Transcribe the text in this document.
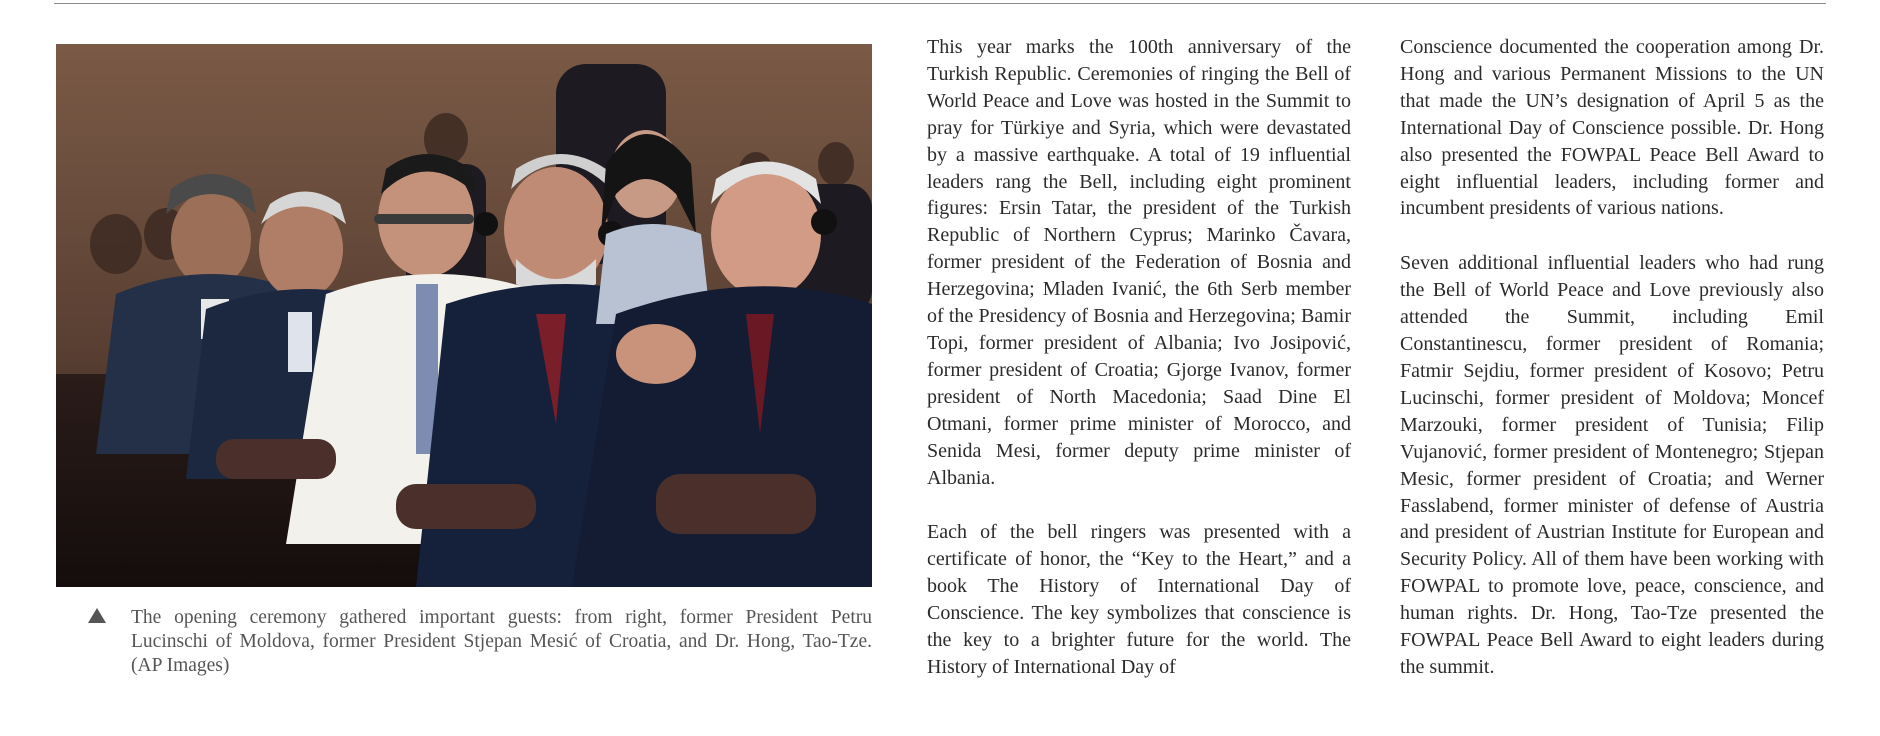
The opening ceremony gathered important guests: from right, former President Petru Lucinschi of Moldova, former President Stjepan Mesić of Croatia, and Dr. Hong, Tao-Tze. (AP Images)

This year marks the 100th anniversary of the Turkish Republic. Ceremonies of ringing the Bell of World Peace and Love was hosted in the Summit to pray for Türkiye and Syria, which were devastated by a massive earthquake. A total of 19 influential leaders rang the Bell, including eight prominent figures: Ersin Tatar, the president of the Turkish Republic of Northern Cyprus; Marinko Čavara, former president of the Federation of Bosnia and Herzegovina; Mladen Ivanić, the 6th Serb member of the Presidency of Bosnia and Herzegovina; Bamir Topi, former president of Albania; Ivo Josipović, former president of Croatia; Gjorge Ivanov, former president of North Macedonia; Saad Dine El Otmani, former prime minister of Morocco, and Senida Mesi, former deputy prime minister of Albania.

Each of the bell ringers was presented with a certificate of honor, the “Key to the Heart,” and a book The History of International Day of Conscience. The key symbolizes that conscience is the key to a brighter future for the world. The History of International Day of

Conscience documented the cooperation among Dr. Hong and various Permanent Missions to the UN that made the UN’s designation of April 5 as the International Day of Conscience possible. Dr. Hong also presented the FOWPAL Peace Bell Award to eight influential leaders, including former and incumbent presidents of various nations.

Seven additional influential leaders who had rung the Bell of World Peace and Love previously also attended the Summit, including Emil Constantinescu, former president of Romania; Fatmir Sejdiu, former president of Kosovo; Petru Lucinschi, former president of Moldova; Moncef Marzouki, former president of Tunisia; Filip Vujanović, former president of Montenegro; Stjepan Mesic, former president of Croatia; and Werner Fasslabend, former minister of defense of Austria and president of Austrian Institute for European and Security Policy. All of them have been working with FOWPAL to promote love, peace, conscience, and human rights. Dr. Hong, Tao-Tze presented the FOWPAL Peace Bell Award to eight leaders during the summit.
